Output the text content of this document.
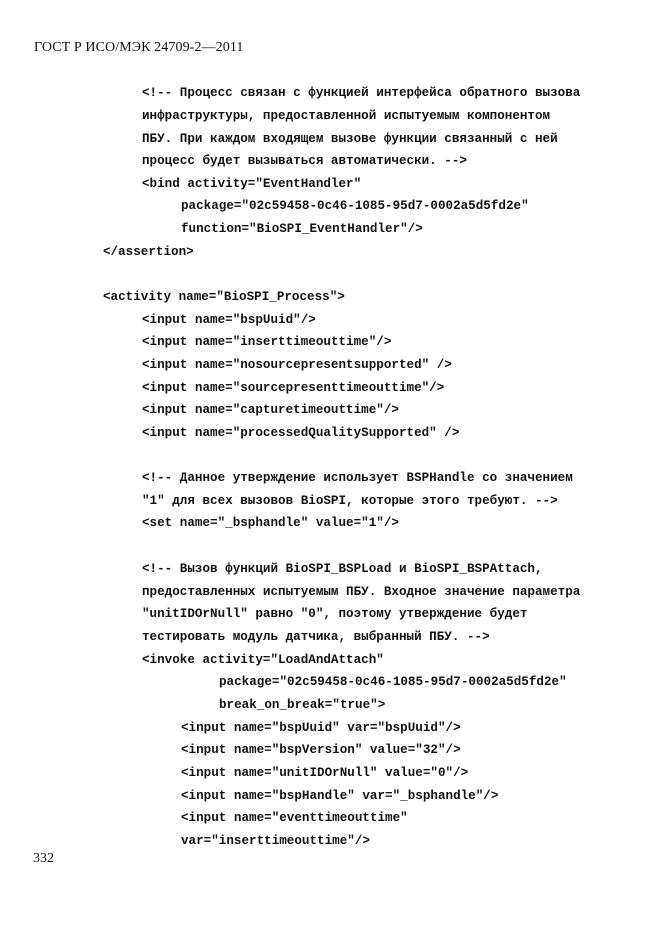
ГОСТ Р ИСО/МЭК 24709-2—2011
<!-- Процесс связан с функцией интерфейса обратного вызова
инфраструктуры, предоставленной испытуемым компонентом
ПБУ. При каждом входящем вызове функции связанный с ней
процесс будет вызываться автоматически. -->
<bind activity="EventHandler"
package="02c59458-0c46-1085-95d7-0002a5d5fd2e"
function="BioSPI_EventHandler"/>
</assertion>
<activity name="BioSPI_Process">
<input name="bspUuid"/>
<input name="inserttimeouttime"/>
<input name="nosourcepresentsupported" />
<input name="sourcepresenttimeouttime"/>
<input name="capturetimeouttime"/>
<input name="processedQualitySupported" />
<!-- Данное утверждение использует BSPHandle со значением
"1" для всех вызовов BioSPI, которые этого требуют. -->
<set name="_bsphandle" value="1"/>
<!-- Вызов функций BioSPI_BSPLoad и BioSPI_BSPAttach,
предоставленных испытуемым ПБУ. Входное значение параметра
"unitIDOrNull" равно "0", поэтому утверждение будет
тестировать модуль датчика, выбранный ПБУ. -->
<invoke activity="LoadAndAttach"
package="02c59458-0c46-1085-95d7-0002a5d5fd2e"
break_on_break="true">
<input name="bspUuid" var="bspUuid"/>
<input name="bspVersion" value="32"/>
<input name="unitIDOrNull" value="0"/>
<input name="bspHandle" var="_bsphandle"/>
<input name="eventtimeouttime"
var="inserttimeouttime"/>
332
